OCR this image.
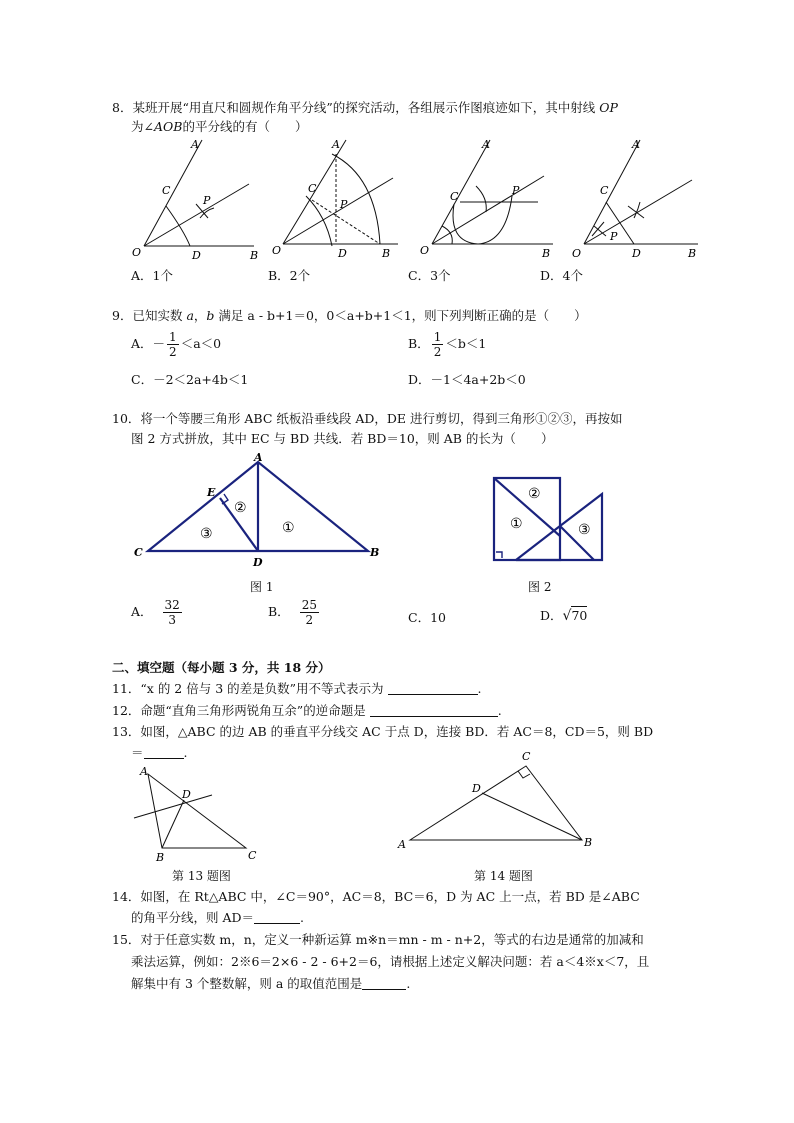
8．某班开展“用直尺和圆规作角平分线”的探究活动，各组展示作图痕迹如下，其中射线 OP
为∠AOB的平分线的有（　　）
A
C
P
O	D	B
A
C
P
O	D	B
A
C	P
O	B
A
C
P
O	D	B
A．1个	B．2个	C．3个	D．4个
9．已知实数 a，b 满足 a - b+1＝0，0＜a+b+1＜1，则下列判断正确的是（　　）
A．－ $\frac{1}{2} <a<0$	B． $\frac{1}{2} <b<1$
C．－2＜2a+4b＜1	D．－1＜4a+2b＜0
10．将一个等腰三角形 ABC 纸板沿垂线段 AD，DE 进行剪切，得到三角形①②③，再按如
图 2 方式拼放，其中 EC 与 BD 共线．若 BD＝10，则 AB 的长为（　　）
A
E
C	B
D
①
②
③
图 1
②
①	③
图 2
A． $\frac{32}{3}$	B． $\frac{25}{2}$	C．10	D．√70
二、填空题（每小题 3 分，共 18 分）
11．“x 的 2 倍与 3 的差是负数”用不等式表示为	.
12．命题“直角三角形两锐角互余”的逆命题是	.
13．如图，△ABC 的边 AB 的垂直平分线交 AC 于点 D，连接 BD．若 AC＝8，CD＝5，则 BD
＝	.
A
D
B	C
第 13 题图
C
D
A	B
第 14 题图
14．如图，在 Rt△ABC 中，∠C＝90°，AC＝8，BC＝6，D 为 AC 上一点，若 BD 是∠ABC
的角平分线，则 AD＝	.
15．对于任意实数 m，n，定义一种新运算 m※n＝mn - m - n+2，等式的右边是通常的加减和
乘法运算，例如：2※6＝2×6 - 2 - 6+2＝6，请根据上述定义解决问题：若 a＜4※x＜7，且
解集中有 3 个整数解，则 a 的取值范围是	.
